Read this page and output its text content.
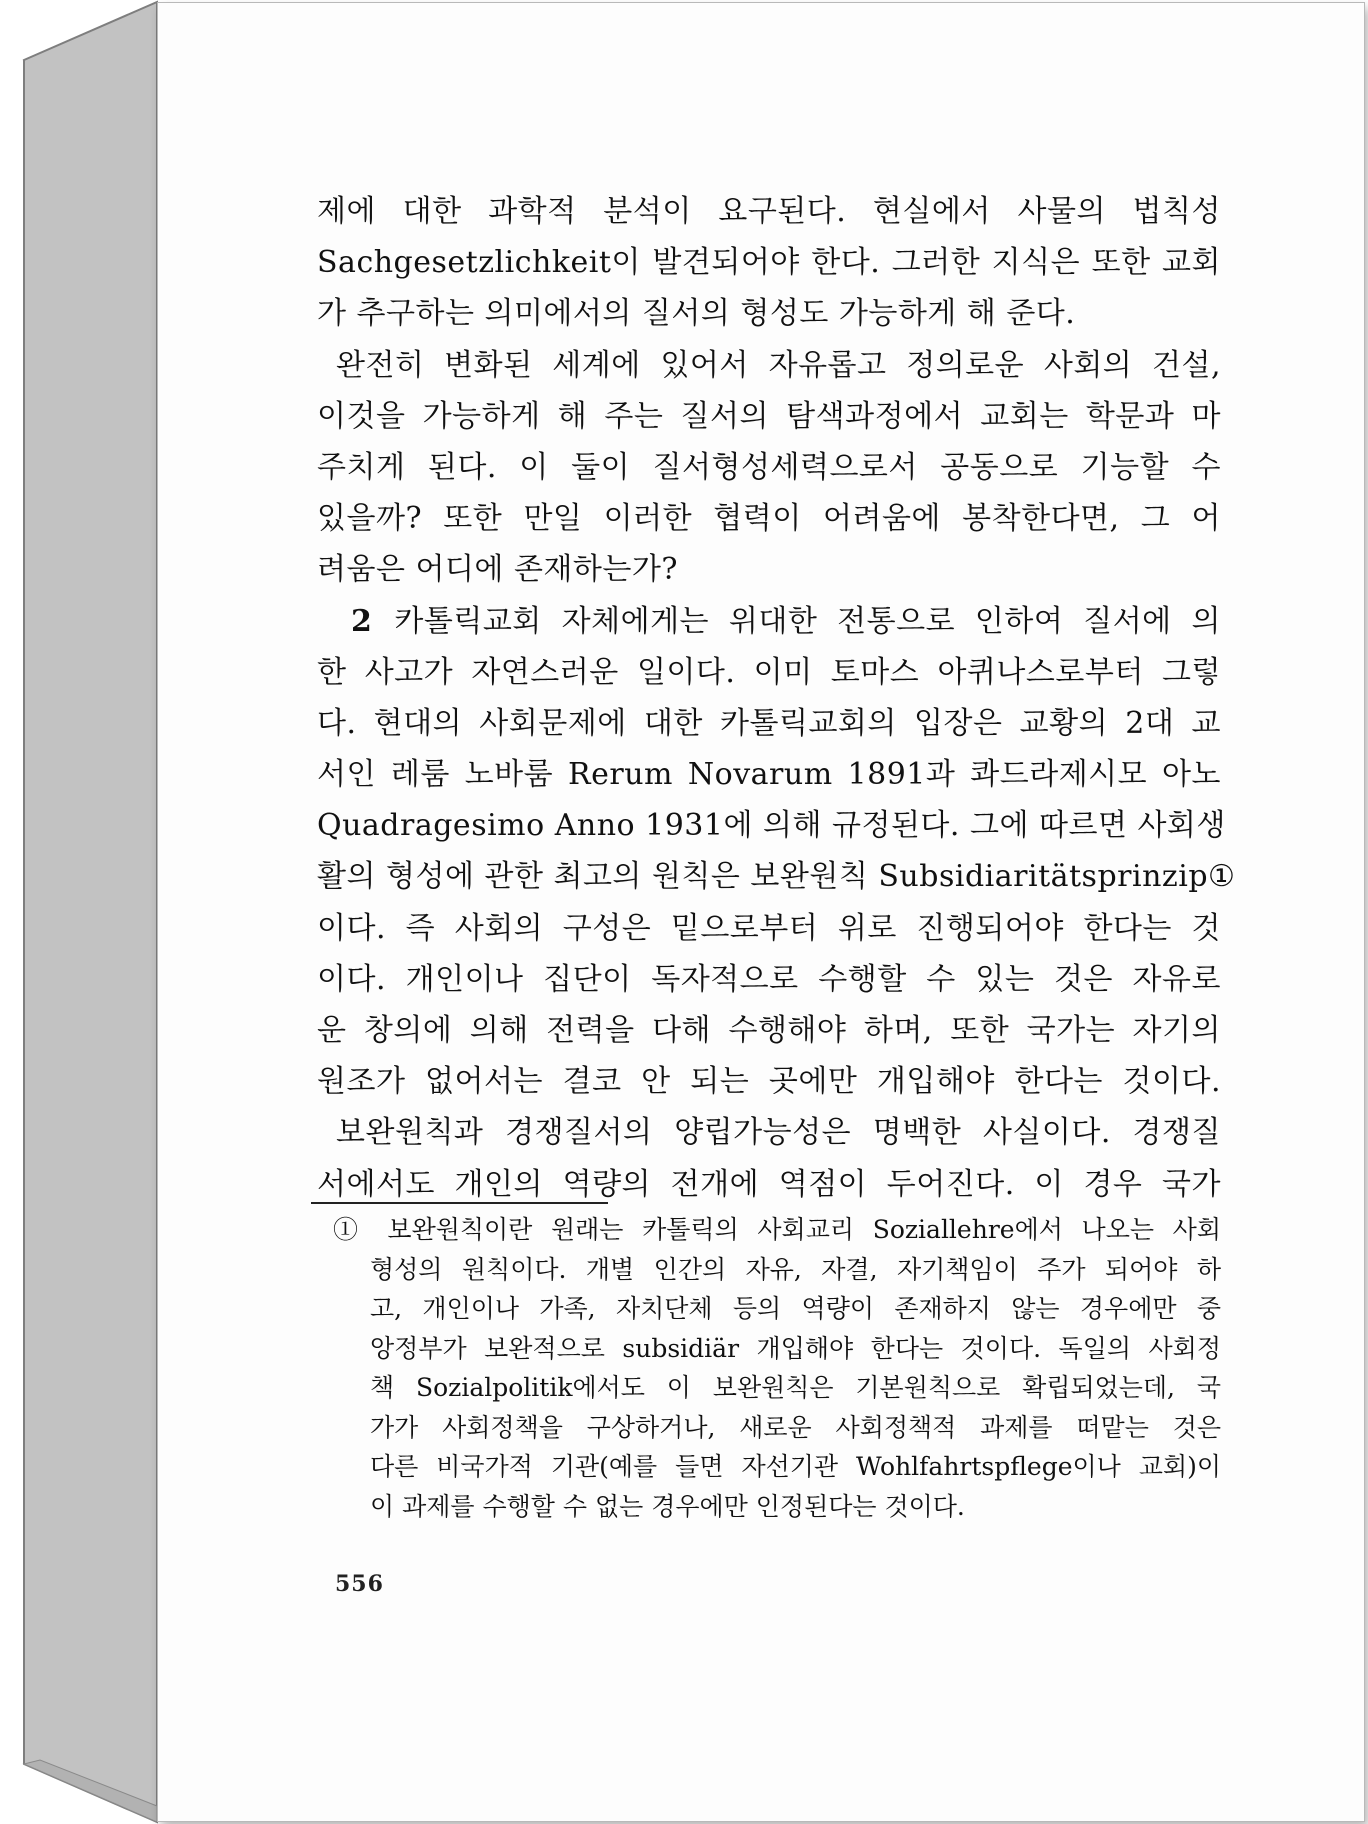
제에 대한 과학적 분석이 요구된다. 현실에서 사물의 법칙성
Sachgesetzlichkeit이 발견되어야 한다. 그러한 지식은 또한 교회
가 추구하는 의미에서의 질서의 형성도 가능하게 해 준다.
완전히 변화된 세계에 있어서 자유롭고 정의로운 사회의 건설,
이것을 가능하게 해 주는 질서의 탐색과정에서 교회는 학문과 마
주치게 된다. 이 둘이 질서형성세력으로서 공동으로 기능할 수
있을까? 또한 만일 이러한 협력이 어려움에 봉착한다면, 그 어
려움은 어디에 존재하는가?
2 카톨릭교회 자체에게는 위대한 전통으로 인하여 질서에 의
한 사고가 자연스러운 일이다. 이미 토마스 아퀴나스로부터 그렇
다. 현대의 사회문제에 대한 카톨릭교회의 입장은 교황의 2대 교
서인 레룸 노바룸 Rerum Novarum 1891과 콰드라제시모 아노
Quadragesimo Anno 1931에 의해 규정된다. 그에 따르면 사회생
활의 형성에 관한 최고의 원칙은 보완원칙 Subsidiaritätsprinzip①
이다. 즉 사회의 구성은 밑으로부터 위로 진행되어야 한다는 것
이다. 개인이나 집단이 독자적으로 수행할 수 있는 것은 자유로
운 창의에 의해 전력을 다해 수행해야 하며, 또한 국가는 자기의
원조가 없어서는 결코 안 되는 곳에만 개입해야 한다는 것이다.
보완원칙과 경쟁질서의 양립가능성은 명백한 사실이다. 경쟁질
서에서도 개인의 역량의 전개에 역점이 두어진다. 이 경우 국가
① 보완원칙이란 원래는 카톨릭의 사회교리 Soziallehre에서 나오는 사회
형성의 원칙이다. 개별 인간의 자유, 자결, 자기책임이 주가 되어야 하
고, 개인이나 가족, 자치단체 등의 역량이 존재하지 않는 경우에만 중
앙정부가 보완적으로 subsidiär 개입해야 한다는 것이다. 독일의 사회정
책 Sozialpolitik에서도 이 보완원칙은 기본원칙으로 확립되었는데, 국
가가 사회정책을 구상하거나, 새로운 사회정책적 과제를 떠맡는 것은
다른 비국가적 기관(예를 들면 자선기관 Wohlfahrtspflege이나 교회)이
이 과제를 수행할 수 없는 경우에만 인정된다는 것이다.
556
